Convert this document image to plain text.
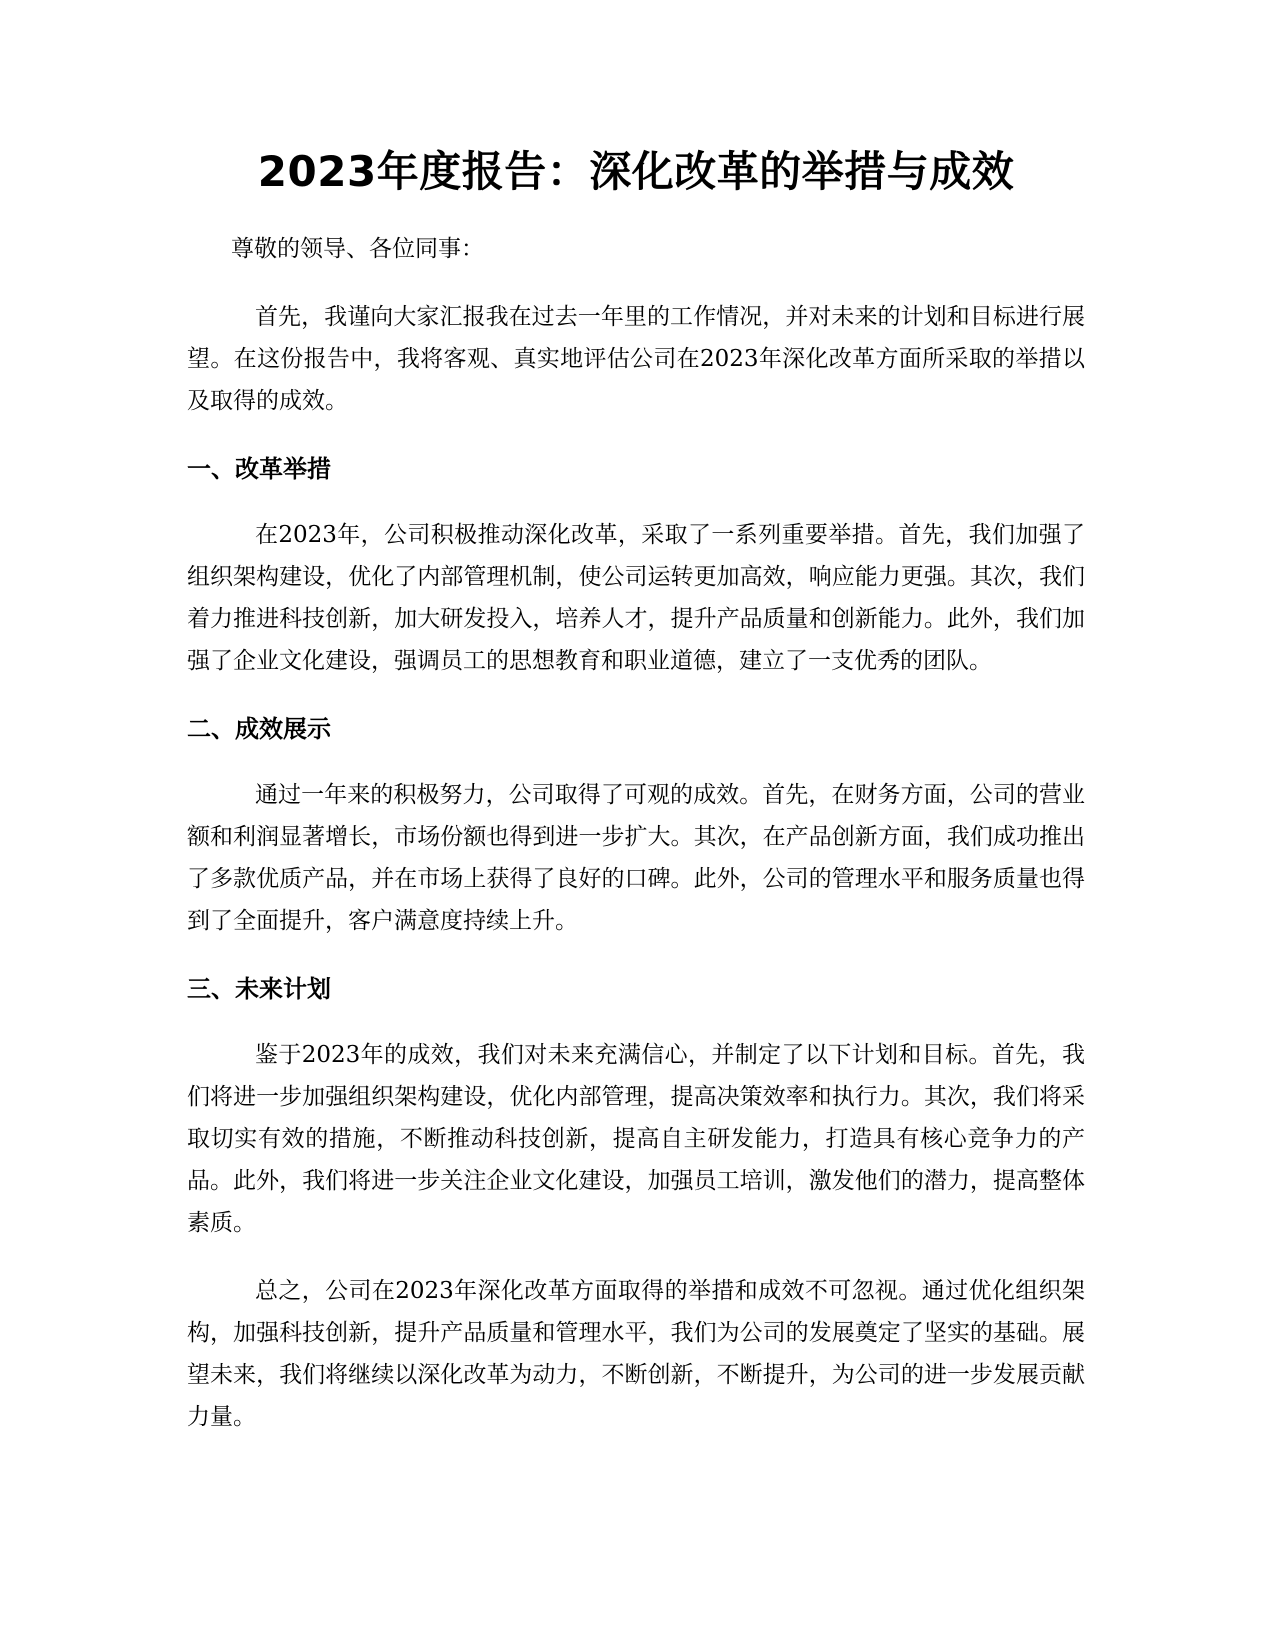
2023年度报告：深化改革的举措与成效

尊敬的领导、各位同事：

首先，我谨向大家汇报我在过去一年里的工作情况，并对未来的计划和目标进行展望。在这份报告中，我将客观、真实地评估公司在2023年深化改革方面所采取的举措以及取得的成效。

一、改革举措

在2023年，公司积极推动深化改革，采取了一系列重要举措。首先，我们加强了组织架构建设，优化了内部管理机制，使公司运转更加高效，响应能力更强。其次，我们着力推进科技创新，加大研发投入，培养人才，提升产品质量和创新能力。此外，我们加强了企业文化建设，强调员工的思想教育和职业道德，建立了一支优秀的团队。

二、成效展示

通过一年来的积极努力，公司取得了可观的成效。首先，在财务方面，公司的营业额和利润显著增长，市场份额也得到进一步扩大。其次，在产品创新方面，我们成功推出了多款优质产品，并在市场上获得了良好的口碑。此外，公司的管理水平和服务质量也得到了全面提升，客户满意度持续上升。

三、未来计划

鉴于2023年的成效，我们对未来充满信心，并制定了以下计划和目标。首先，我们将进一步加强组织架构建设，优化内部管理，提高决策效率和执行力。其次，我们将采取切实有效的措施，不断推动科技创新，提高自主研发能力，打造具有核心竞争力的产品。此外，我们将进一步关注企业文化建设，加强员工培训，激发他们的潜力，提高整体素质。

总之，公司在2023年深化改革方面取得的举措和成效不可忽视。通过优化组织架构，加强科技创新，提升产品质量和管理水平，我们为公司的发展奠定了坚实的基础。展望未来，我们将继续以深化改革为动力，不断创新，不断提升，为公司的进一步发展贡献力量。
